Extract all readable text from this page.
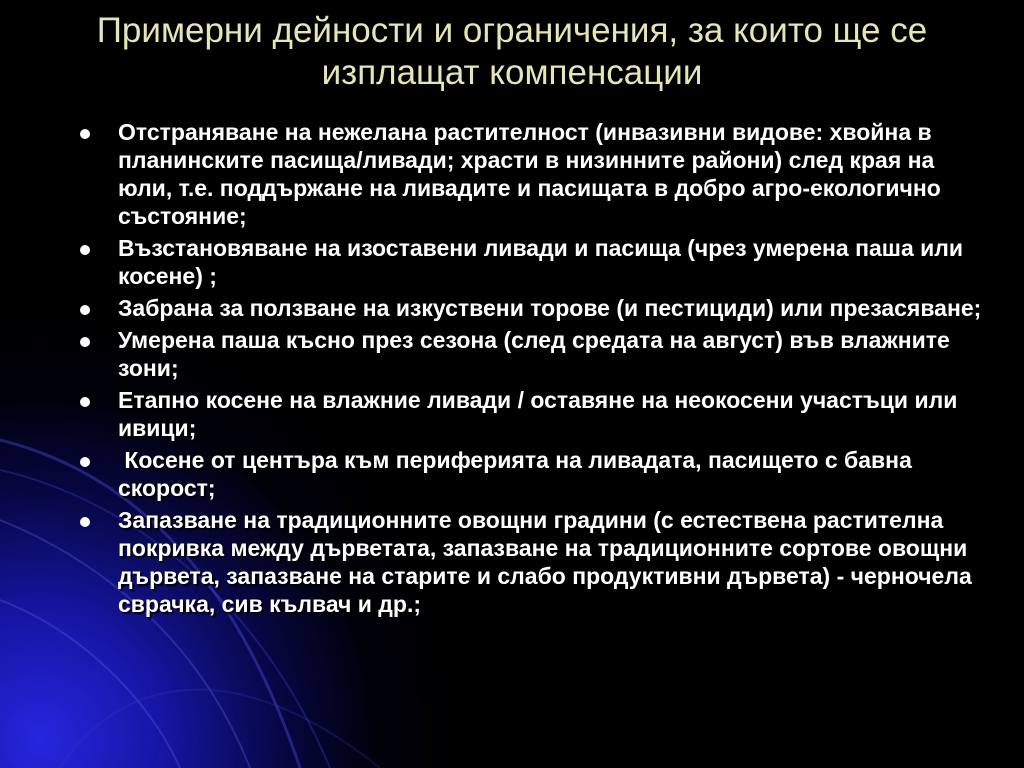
Примерни дейности и ограничения, за които ще се изплащат компенсации
Отстраняване на нежелана растителност (инвазивни видове: хвойна в планинските пасища/ливади; храсти в низинните райони) след края на юли, т.е. поддържане на ливадите и пасищата в добро агро-екологично състояние;
Възстановяване на изоставени ливади и пасища (чрез умерена паша или косене) ;
Забрана за ползване на изкуствени торове (и пестициди) или презасяване;
Умерена паша късно през сезона (след средата на август) във влажните зони;
Етапно косене на влажние ливади / оставяне на неокосени участъци или ивици;
Косене от центъра към периферията на ливадата, пасището с бавна скорост;
Запазване на традиционните овощни градини (с естествена растителна покривка между дърветата, запазване на традиционните сортове овощни дървета, запазване на старите и слабо продуктивни дървета) - черночела сврачка, сив кълвач и др.;
